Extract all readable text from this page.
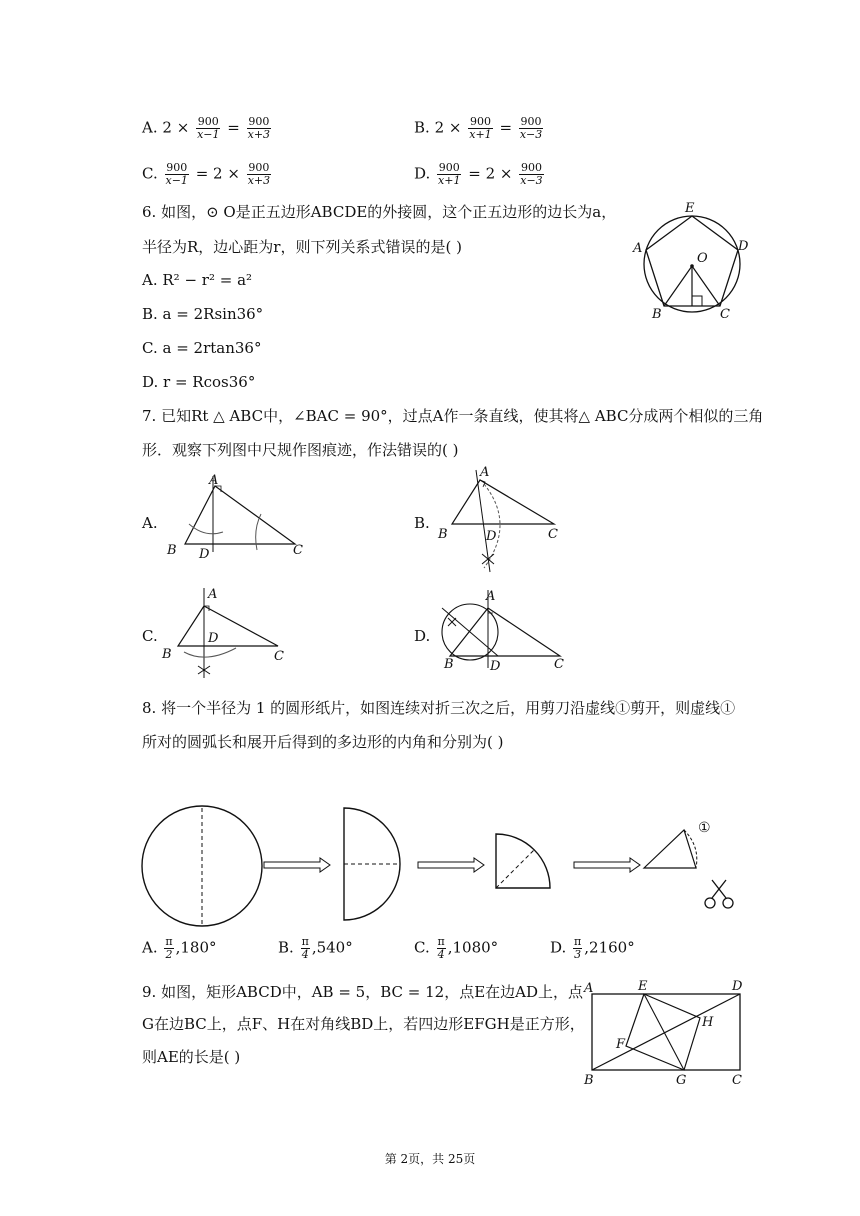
A. $2 \times \frac{900}{x-1} = \frac{900}{x+3}$	B. $2 \times \frac{900}{x+1} = \frac{900}{x-3}$
C. $\frac{900}{x-1} = 2 \times \frac{900}{x+3}$	D. $\frac{900}{x+1} = 2 \times \frac{900}{x-3}$
6. 如图，⊙ O是正五边形ABCDE的外接圆，这个正五边形的边长为a，
半径为R，边心距为r，则下列关系式错误的是( )
A. R² − r² = a²
B. a = 2Rsin36°
C. a = 2rtan36°
D. r = Rcos36°
E
D
A
O
B	C
7. 已知Rt △ ABC中，∠BAC = 90°，过点A作一条直线，使其将△ ABC分成两个相似的三角
形．观察下列图中尺规作图痕迹，作法错误的( )
A.
A
B D	C
B.
A
B	D	C
C.
A
B
D
C
D.
A
B	D	C
8. 将一个半径为 1 的圆形纸片，如图连续对折三次之后，用剪刀沿虚线①剪开，则虚线①
所对的圆弧长和展开后得到的多边形的内角和分别为( )
①
A. $\frac{\pi}{2} ,180^\circ$	B. $\frac{\pi}{4} ,540^\circ$	C. $\frac{\pi}{4} ,1080^\circ$	D. $\frac{\pi}{3} ,2160^\circ$
9. 如图，矩形ABCD中，AB = 5，BC = 12，点E在边AD上，点
G在边BC上，点F、H在对角线BD上，若四边形EFGH是正方形，
则AE的长是( )
A	E	D
H
F
B	G	C
第 2页，共 25页
